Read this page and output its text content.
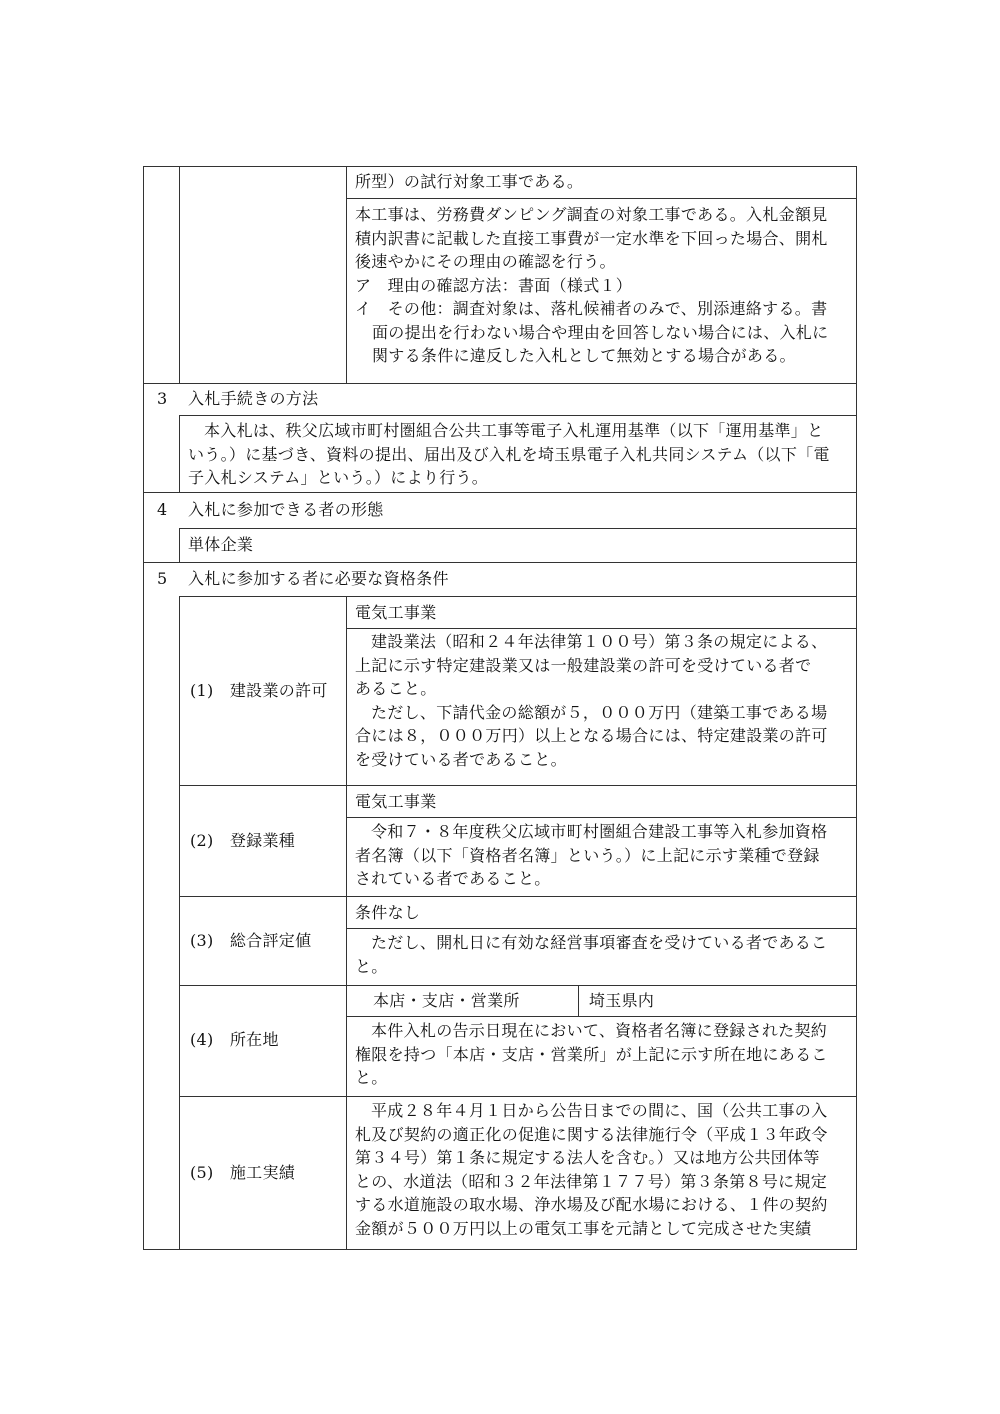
所型）の試行対象工事である。

本工事は、労務費ダンピング調査の対象工事である。入札金額見

積内訳書に記載した直接工事費が一定水準を下回った場合、開札

後速やかにその理由の確認を行う。

ア　理由の確認方法：書面（様式１）

イ　その他：調査対象は、落札候補者のみで、別添連絡する。書

面の提出を行わない場合や理由を回答しない場合には、入札に

関する条件に違反した入札として無効とする場合がある。

3 入札手続きの方法

本入札は、秩父広域市町村圏組合公共工事等電子入札運用基準（以下「運用基準」と

いう。）に基づき、資料の提出、届出及び入札を埼玉県電子入札共同システム（以下「電

子入札システム」という。）により行う。

4 入札に参加できる者の形態
単体企業
5 入札に参加する者に必要な資格条件
(1)　建設業の許可
電気工事業

建設業法（昭和２４年法律第１００号）第３条の規定による、

上記に示す特定建設業又は一般建設業の許可を受けている者で

あること。

ただし、下請代金の総額が５，０００万円（建築工事である場

合には８，０００万円）以上となる場合には、特定建設業の許可

を受けている者であること。

(2)　登録業種
電気工事業

令和７・８年度秩父広域市町村圏組合建設工事等入札参加資格

者名簿（以下「資格者名簿」という。）に上記に示す業種で登録

されている者であること。

(3)　総合評定値
条件なし

ただし、開札日に有効な経営事項審査を受けている者であるこ

と。

(4)　所在地
本店・支店・営業所	埼玉県内

本件入札の告示日現在において、資格者名簿に登録された契約

権限を持つ「本店・支店・営業所」が上記に示す所在地にあるこ

と。

(5)　施工実績

平成２８年４月１日から公告日までの間に、国（公共工事の入

札及び契約の適正化の促進に関する法律施行令（平成１３年政令

第３４号）第１条に規定する法人を含む。）又は地方公共団体等

との、水道法（昭和３２年法律第１７７号）第３条第８号に規定

する水道施設の取水場、浄水場及び配水場における、１件の契約

金額が５００万円以上の電気工事を元請として完成させた実績
